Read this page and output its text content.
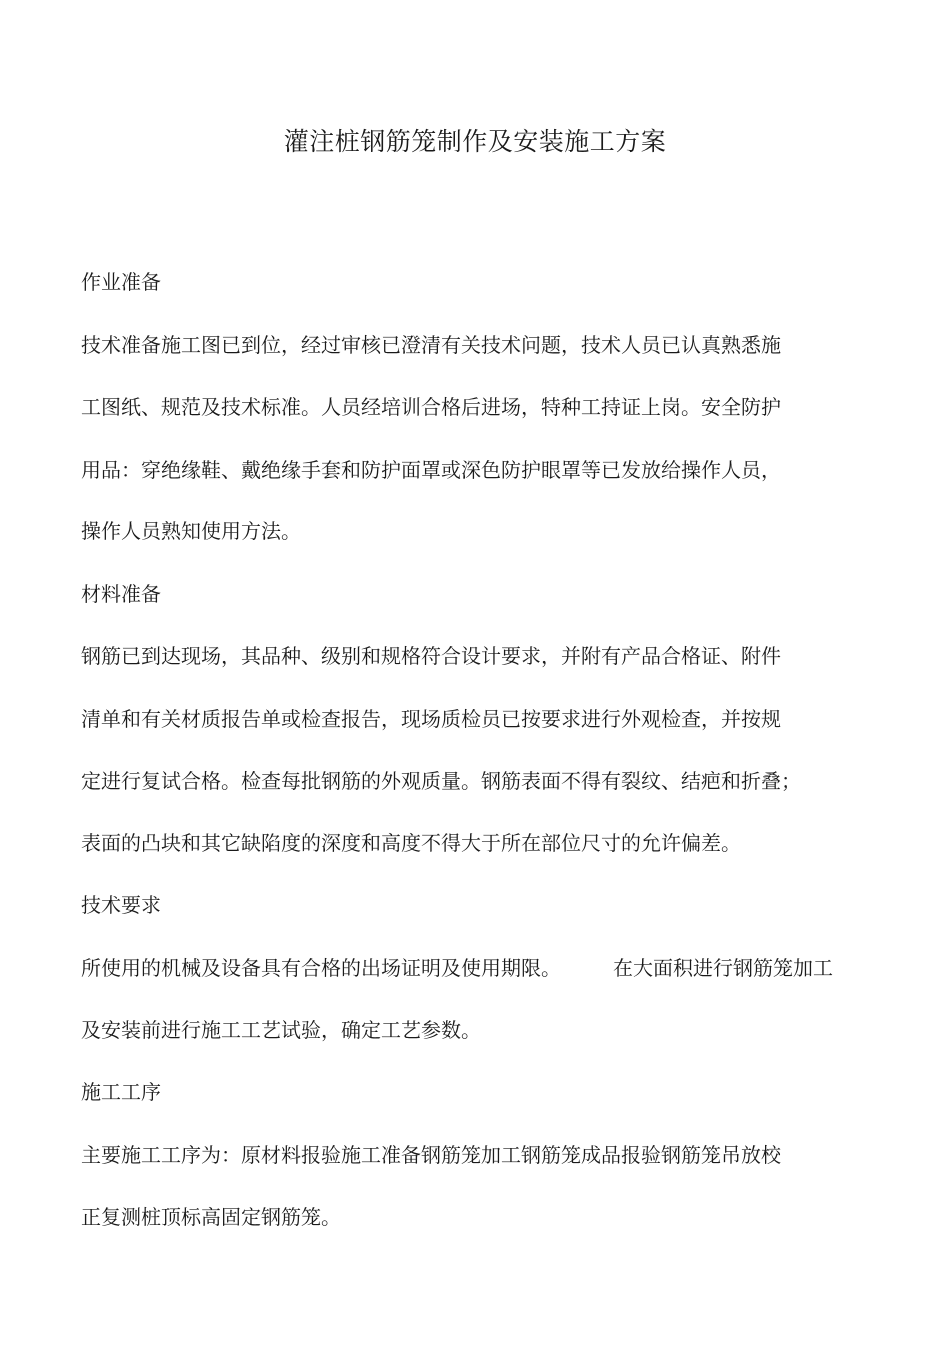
灌注桩钢筋笼制作及安装施工方案
作业准备
技术准备施工图已到位，经过审核已澄清有关技术问题，技术人员已认真熟悉施
工图纸、规范及技术标准。人员经培训合格后进场，特种工持证上岗。安全防护
用品：穿绝缘鞋、戴绝缘手套和防护面罩或深色防护眼罩等已发放给操作人员，
操作人员熟知使用方法。
材料准备
钢筋已到达现场，其品种、级别和规格符合设计要求，并附有产品合格证、附件
清单和有关材质报告单或检查报告，现场质检员已按要求进行外观检查，并按规
定进行复试合格。检查每批钢筋的外观质量。钢筋表面不得有裂纹、结疤和折叠；
表面的凸块和其它缺陷度的深度和高度不得大于所在部位尺寸的允许偏差。
技术要求
所使用的机械及设备具有合格的出场证明及使用期限。	在大面积进行钢筋笼加工
及安装前进行施工工艺试验，确定工艺参数。
施工工序
主要施工工序为：原材料报验施工准备钢筋笼加工钢筋笼成品报验钢筋笼吊放校
正复测桩顶标高固定钢筋笼。
